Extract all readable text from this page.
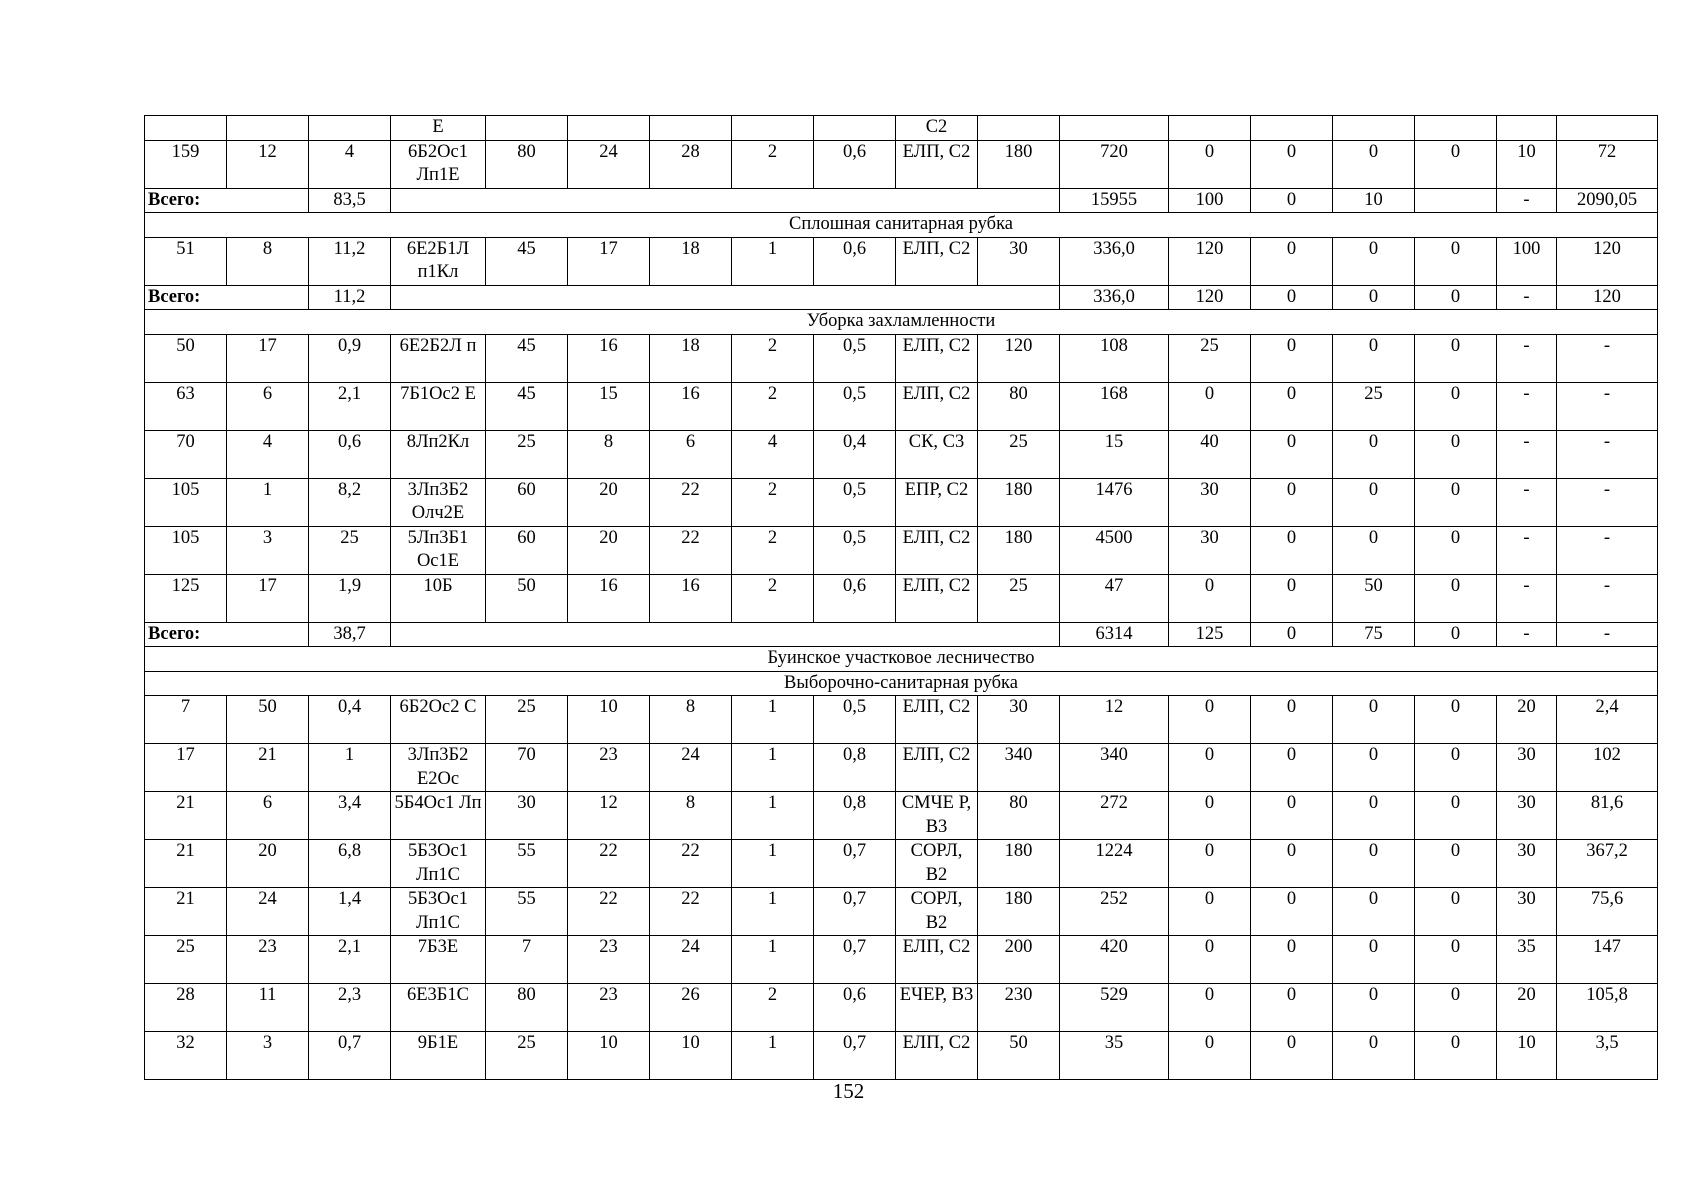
			Е						С2								
159	12	4	6Б2Ос1 Лп1Е	80	24	28	2	0,6	ЕЛП, С2	180	720	0	0	0	0	10	72
Всего:		83,5									15955	100	0	10		-	2090,05
Сплошная санитарная рубка																	
51	8	11,2	6Е2Б1Л п1Кл	45	17	18	1	0,6	ЕЛП, С2	30	336,0	120	0	0	0	100	120
Всего:		11,2									336,0	120	0	0	0	-	120
Уборка захламленности																	
50	17	0,9	6Е2Б2Л п	45	16	18	2	0,5	ЕЛП, С2	120	108	25	0	0	0	-	-
63	6	2,1	7Б1Ос2 Е	45	15	16	2	0,5	ЕЛП, С2	80	168	0	0	25	0	-	-
70	4	0,6	8Лп2Кл	25	8	6	4	0,4	СК, С3	25	15	40	0	0	0	-	-
105	1	8,2	3Лп3Б2 Олч2Е	60	20	22	2	0,5	ЕПР, С2	180	1476	30	0	0	0	-	-
105	3	25	5Лп3Б1 Ос1Е	60	20	22	2	0,5	ЕЛП, С2	180	4500	30	0	0	0	-	-
125	17	1,9	10Б	50	16	16	2	0,6	ЕЛП, С2	25	47	0	0	50	0	-	-
Всего:		38,7									6314	125	0	75	0	-	-
Буинское участковое лесничество																	
Выборочно-санитарная рубка																	
7	50	0,4	6Б2Ос2 С	25	10	8	1	0,5	ЕЛП, С2	30	12	0	0	0	0	20	2,4
17	21	1	3Лп3Б2 Е2Ос	70	23	24	1	0,8	ЕЛП, С2	340	340	0	0	0	0	30	102
21	6	3,4	5Б4Ос1 Лп	30	12	8	1	0,8	СМЧЕ Р, В3	80	272	0	0	0	0	30	81,6
21	20	6,8	5Б3Ос1 Лп1С	55	22	22	1	0,7	СОРЛ, В2	180	1224	0	0	0	0	30	367,2
21	24	1,4	5Б3Ос1 Лп1С	55	22	22	1	0,7	СОРЛ, В2	180	252	0	0	0	0	30	75,6
25	23	2,1	7Б3Е	7	23	24	1	0,7	ЕЛП, С2	200	420	0	0	0	0	35	147
28	11	2,3	6Е3Б1С	80	23	26	2	0,6	ЕЧЕР, В3	230	529	0	0	0	0	20	105,8
32	3	0,7	9Б1Е	25	10	10	1	0,7	ЕЛП, С2	50	35	0	0	0	0	10	3,5
152
